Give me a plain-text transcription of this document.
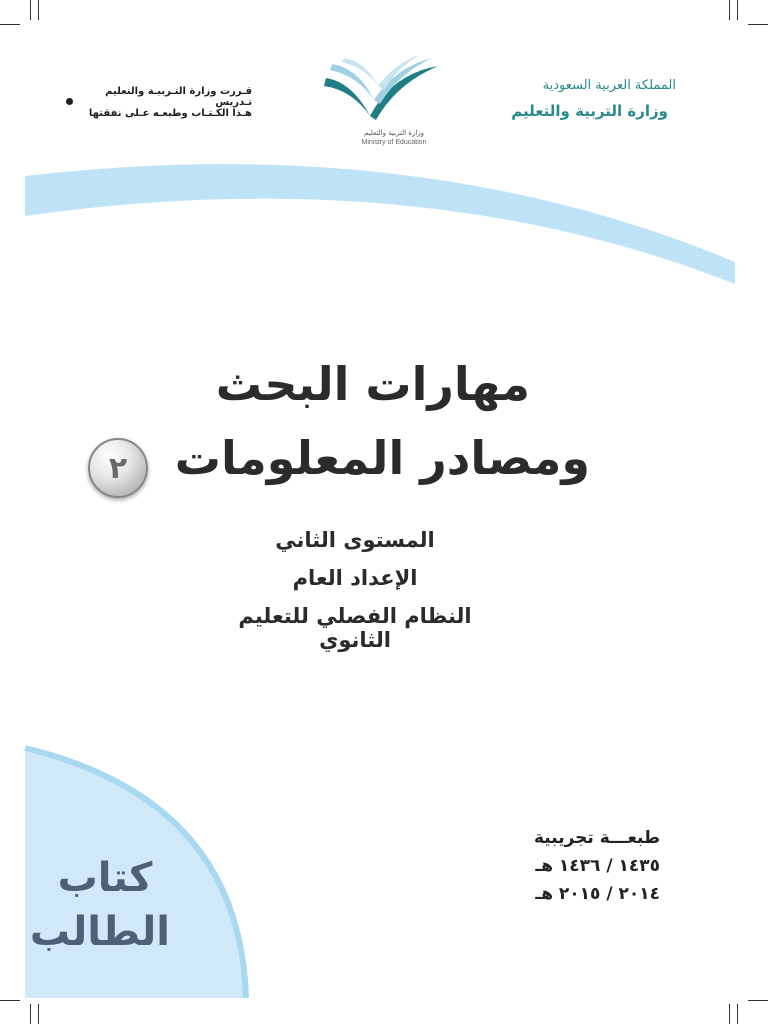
المملكة العربية السعودية
وزارة التربية والتعليم
قـررت وزارة التـربيـة والتعليم تـدريس
هـذا الكـتـاب وطبعـه عـلى نفقتها
وزارة التربية والتعليم
Ministry of Education
مهارات البحث
ومصادر المعلومات
٢
المستوى الثاني
الإعداد العام
النظام الفصلي للتعليم الثانوي
كتاب
الطالب
طبعـــة تجريبية
١٤٣٥ / ١٤٣٦ هـ
٢٠١٤ / ٢٠١٥ هـ
